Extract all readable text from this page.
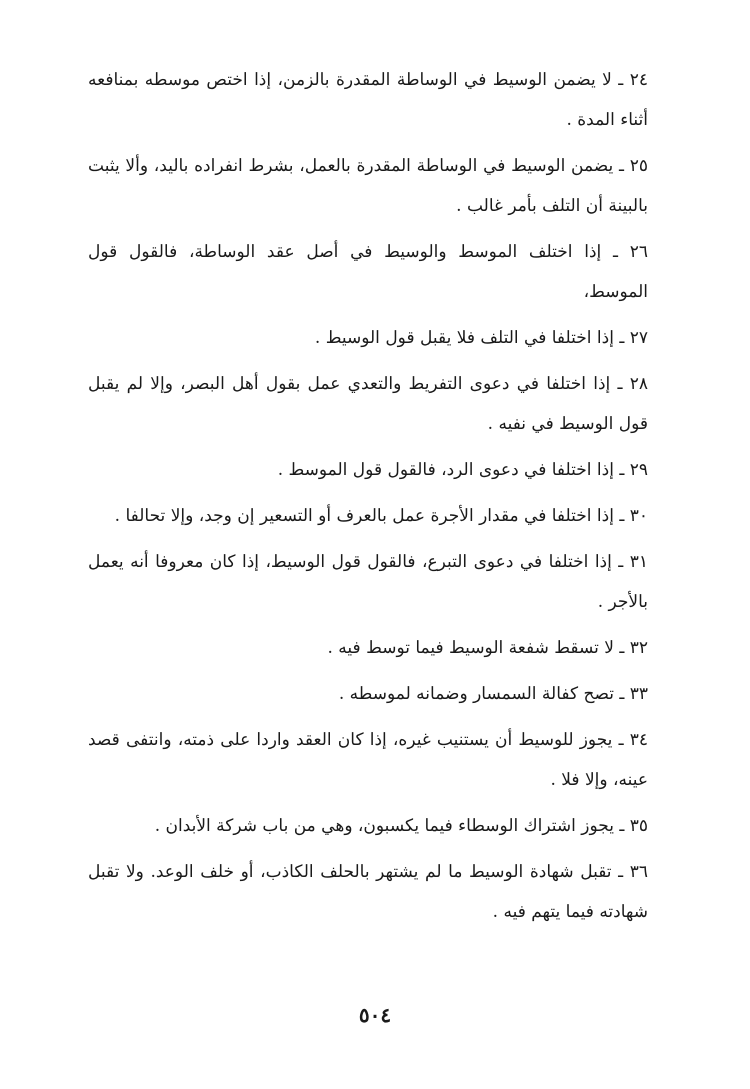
٢٤ ـ لا يضمن الوسيط في الوساطة المقدرة بالزمن، إذا اختص موسطه بمنافعه أثناء المدة .

٢٥ ـ يضمن الوسيط في الوساطة المقدرة بالعمل، بشرط انفراده باليد، وألا يثبت بالبينة أن التلف بأمر غالب .

٢٦ ـ إذا اختلف الموسط والوسيط في أصل عقد الوساطة، فالقول قول الموسط،

٢٧ ـ إذا اختلفا في التلف فلا يقبل قول الوسيط .

٢٨ ـ إذا اختلفا في دعوى التفريط والتعدي عمل بقول أهل البصر، وإلا لم يقبل قول الوسيط في نفيه .

٢٩ ـ إذا اختلفا في دعوى الرد، فالقول قول الموسط .

٣٠ ـ إذا اختلفا في مقدار الأجرة عمل بالعرف أو التسعير إن وجد، وإلا تحالفا .

٣١ ـ إذا اختلفا في دعوى التبرع، فالقول قول الوسيط، إذا كان معروفا أنه يعمل بالأجر .

٣٢ ـ لا تسقط شفعة الوسيط فيما توسط فيه .

٣٣ ـ تصح كفالة السمسار وضمانه لموسطه .

٣٤ ـ يجوز للوسيط أن يستنيب غيره، إذا كان العقد واردا على ذمته، وانتفى قصد عينه، وإلا فلا .

٣٥ ـ يجوز اشتراك الوسطاء فيما يكسبون، وهي من باب شركة الأبدان .

٣٦ ـ تقبل شهادة الوسيط ما لم يشتهر بالحلف الكاذب، أو خلف الوعد. ولا تقبل شهادته فيما يتهم فيه .

٥٠٤
